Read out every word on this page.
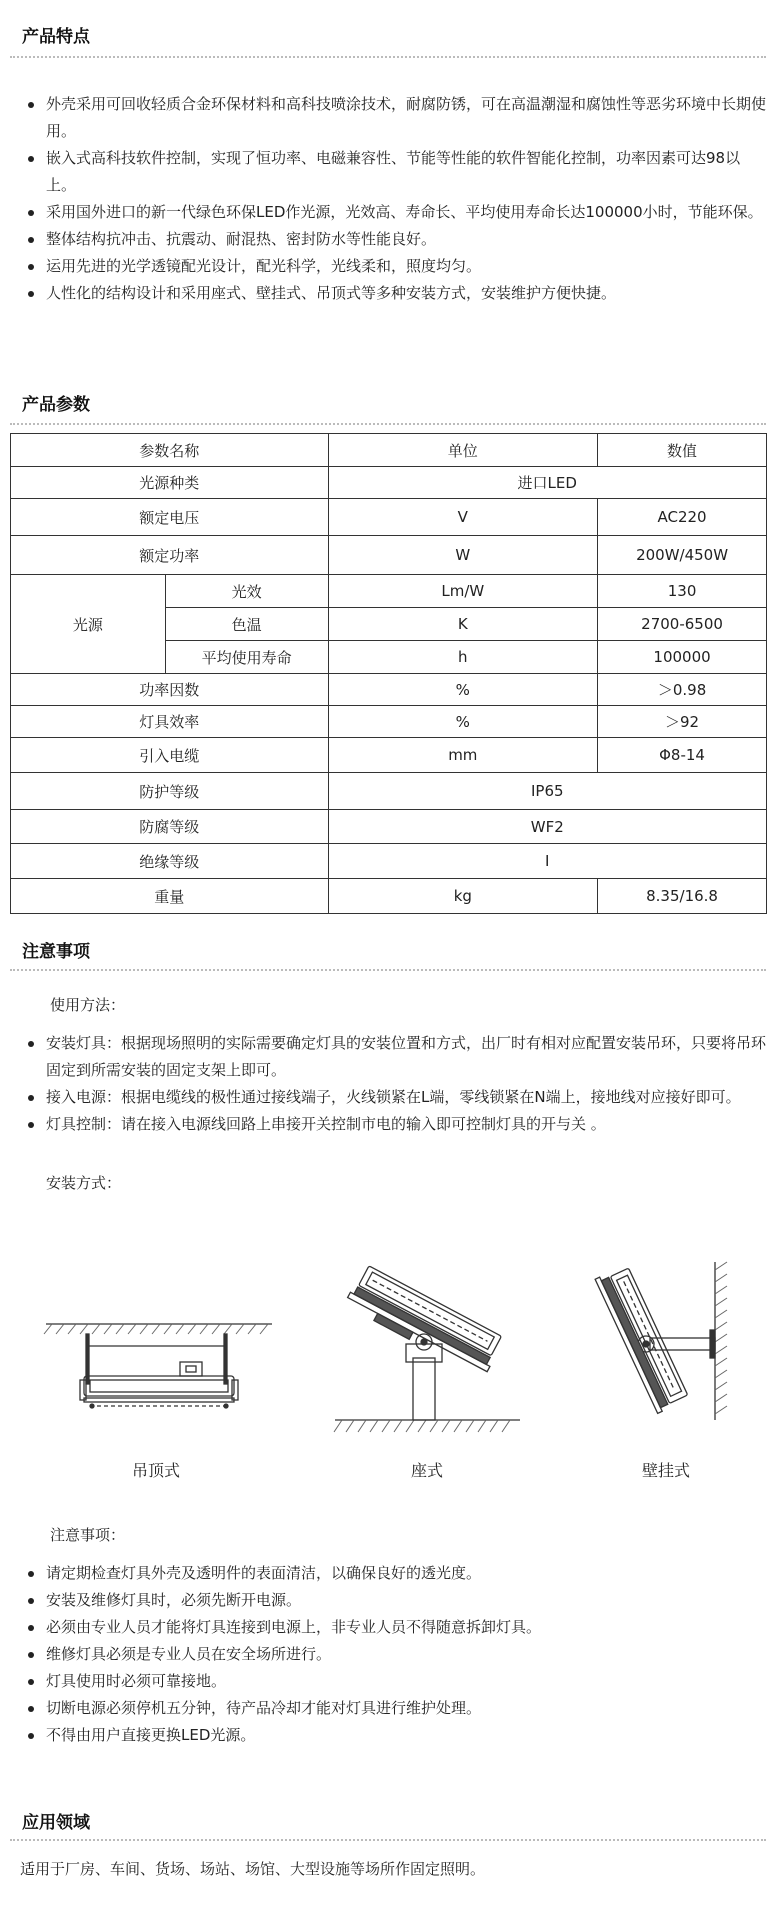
产品特点
外壳采用可回收轻质合金环保材料和高科技喷涂技术，耐腐防锈，可在高温潮湿和腐蚀性等恶劣环境中长期使用。
嵌入式高科技软件控制，实现了恒功率、电磁兼容性、节能等性能的软件智能化控制，功率因素可达98以上。
采用国外进口的新一代绿色环保LED作光源，光效高、寿命长、平均使用寿命长达100000小时，节能环保。
整体结构抗冲击、抗震动、耐混热、密封防水等性能良好。
运用先进的光学透镜配光设计，配光科学，光线柔和，照度均匀。
人性化的结构设计和采用座式、壁挂式、吊顶式等多种安装方式，安装维护方便快捷。
产品参数
参数名称		单位	数值
光源种类		进口LED	
额定电压		V	AC220
额定功率		W	200W/450W
光源	光效	Lm/W	130
	色温	K	2700-6500
	平均使用寿命	h	100000
功率因数		%	＞0.98
灯具效率		%	＞92
引入电缆		mm	Φ8-14
防护等级		IP65	
防腐等级		WF2	
绝缘等级		I	
重量		kg	8.35/16.8
注意事项
使用方法：
安装灯具：根据现场照明的实际需要确定灯具的安装位置和方式，出厂时有相对应配置安装吊环，只要将吊环固定到所需安装的固定支架上即可。
接入电源：根据电缆线的极性通过接线端子，火线锁紧在L端，零线锁紧在N端上，接地线对应接好即可。
灯具控制：请在接入电源线回路上串接开关控制市电的输入即可控制灯具的开与关 。
安装方式：
吊顶式	座式	壁挂式
注意事项：
请定期检查灯具外壳及透明件的表面清洁，以确保良好的透光度。
安装及维修灯具时，必须先断开电源。
必须由专业人员才能将灯具连接到电源上，非专业人员不得随意拆卸灯具。
维修灯具必须是专业人员在安全场所进行。
灯具使用时必须可靠接地。
切断电源必须停机五分钟，待产品冷却才能对灯具进行维护处理。
不得由用户直接更换LED光源。
应用领域
适用于厂房、车间、货场、场站、场馆、大型设施等场所作固定照明。
